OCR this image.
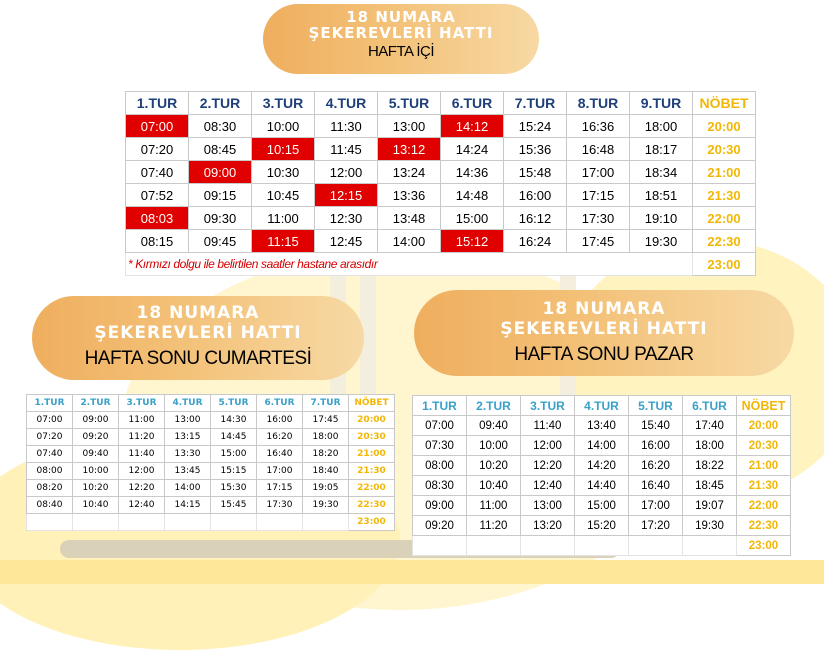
18 NUMARA
ŞEKEREVLERİ HATTI
HAFTA İÇİ
1.TUR	2.TUR	3.TUR	4.TUR	5.TUR	6.TUR	7.TUR	8.TUR	9.TUR	NÖBET
07:00	08:30	10:00	11:30	13:00	14:12	15:24	16:36	18:00	20:00
07:20	08:45	10:15	11:45	13:12	14:24	15:36	16:48	18:17	20:30
07:40	09:00	10:30	12:00	13:24	14:36	15:48	17:00	18:34	21:00
07:52	09:15	10:45	12:15	13:36	14:48	16:00	17:15	18:51	21:30
08:03	09:30	11:00	12:30	13:48	15:00	16:12	17:30	19:10	22:00
08:15	09:45	11:15	12:45	14:00	15:12	16:24	17:45	19:30	22:30
* Kırmızı dolgu ile belirtilen saatler hastane arasıdır									23:00
18 NUMARA
ŞEKEREVLERİ HATTI
HAFTA SONU CUMARTESİ
1.TUR	2.TUR	3.TUR	4.TUR	5.TUR	6.TUR	7.TUR	NÖBET
07:00	09:00	11:00	13:00	14:30	16:00	17:45	20:00
07:20	09:20	11:20	13:15	14:45	16:20	18:00	20:30
07:40	09:40	11:40	13:30	15:00	16:40	18:20	21:00
08:00	10:00	12:00	13:45	15:15	17:00	18:40	21:30
08:20	10:20	12:20	14:00	15:30	17:15	19:05	22:00
08:40	10:40	12:40	14:15	15:45	17:30	19:30	22:30
							23:00
18 NUMARA
ŞEKEREVLERİ HATTI
HAFTA SONU PAZAR
1.TUR	2.TUR	3.TUR	4.TUR	5.TUR	6.TUR	NÖBET
07:00	09:40	11:40	13:40	15:40	17:40	20:00
07:30	10:00	12:00	14:00	16:00	18:00	20:30
08:00	10:20	12:20	14:20	16:20	18:22	21:00
08:30	10:40	12:40	14:40	16:40	18:45	21:30
09:00	11:00	13:00	15:00	17:00	19:07	22:00
09:20	11:20	13:20	15:20	17:20	19:30	22:30
						23:00
